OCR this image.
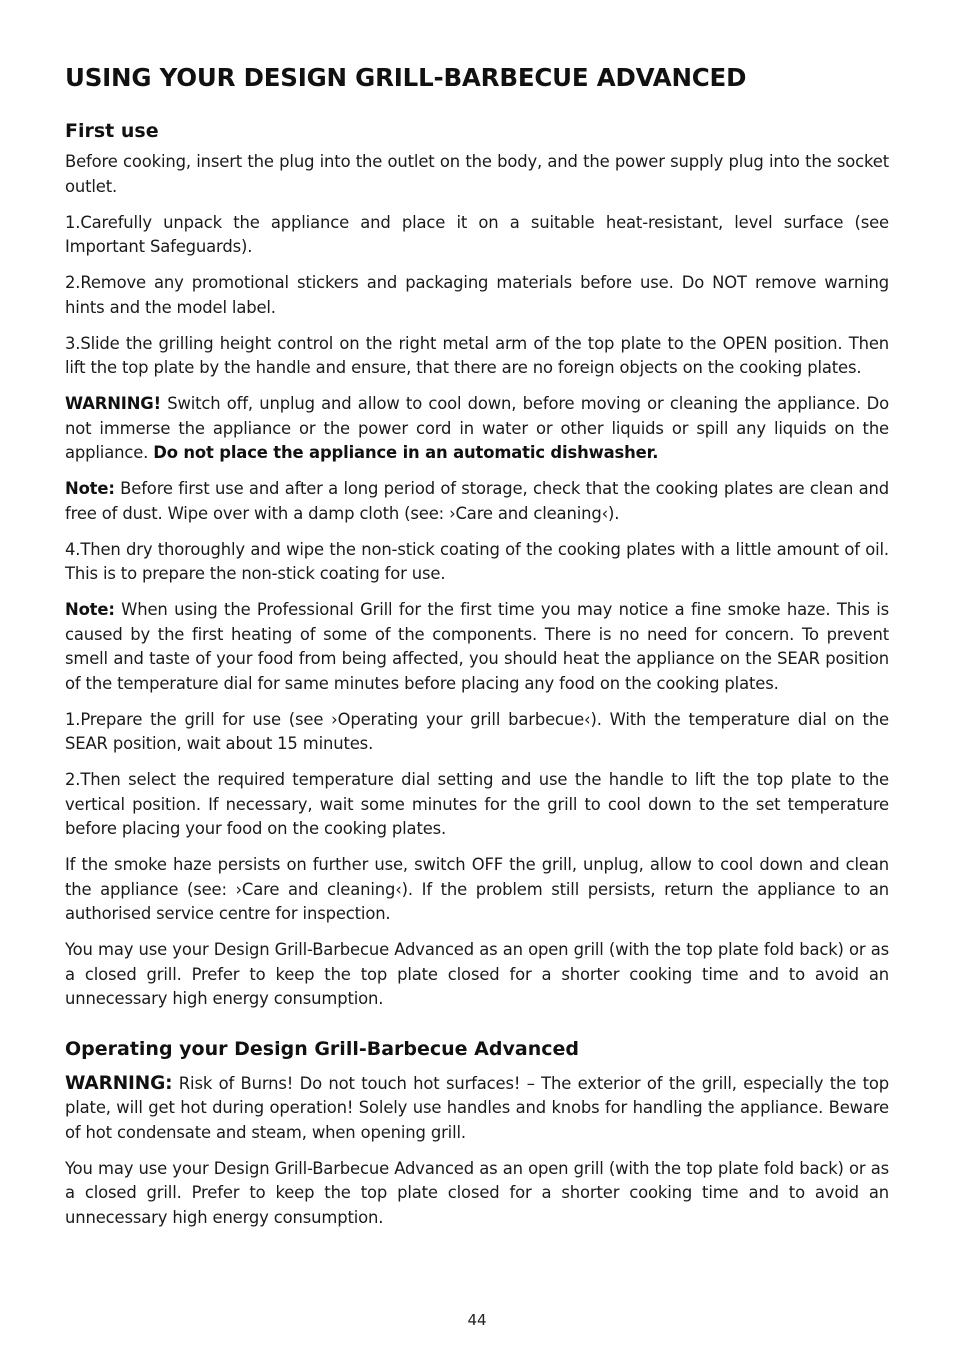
USING YOUR DESIGN GRILL-BARBECUE ADVANCED
First use

Before cooking, insert the plug into the outlet on the body, and the power supply plug into the socket outlet.

1.Carefully unpack the appliance and place it on a suitable heat-resistant, level surface (see Important Safeguards).

2.Remove any promotional stickers and packaging materials before use. Do NOT remove warning hints and the model label.

3.Slide the grilling height control on the right metal arm of the top plate to the OPEN position. Then lift the top plate by the handle and ensure, that there are no foreign objects on the cooking plates.

WARNING! Switch off, unplug and allow to cool down, before moving or cleaning the appliance. Do not immerse the appliance or the power cord in water or other liquids or spill any liquids on the appliance. Do not place the appliance in an automatic dishwasher.

Note: Before first use and after a long period of storage, check that the cooking plates are clean and free of dust. Wipe over with a damp cloth (see: ›Care and cleaning‹).

4.Then dry thoroughly and wipe the non-stick coating of the cooking plates with a little amount of oil. This is to prepare the non-stick coating for use.

Note: When using the Professional Grill for the first time you may notice a fine smoke haze. This is caused by the first heating of some of the components. There is no need for concern. To prevent smell and taste of your food from being affected, you should heat the appliance on the SEAR position of the temperature dial for same minutes before placing any food on the cooking plates.

1.Prepare the grill for use (see ›Operating your grill barbecue‹). With the temperature dial on the SEAR position, wait about 15 minutes.

2.Then select the required temperature dial setting and use the handle to lift the top plate to the vertical position. If necessary, wait some minutes for the grill to cool down to the set temperature before placing your food on the cooking plates.

If the smoke haze persists on further use, switch OFF the grill, unplug, allow to cool down and clean the appliance (see: ›Care and cleaning‹). If the problem still persists, return the appliance to an authorised service centre for inspection.

You may use your Design Grill-Barbecue Advanced as an open grill (with the top plate fold back) or as a closed grill. Prefer to keep the top plate closed for a shorter cooking time and to avoid an unnecessary high energy consumption.

Operating your Design Grill-Barbecue Advanced

WARNING: Risk of Burns! Do not touch hot surfaces! – The exterior of the grill, especially the top plate, will get hot during operation! Solely use handles and knobs for handling the appliance. Beware of hot condensate and steam, when opening grill.

You may use your Design Grill-Barbecue Advanced as an open grill (with the top plate fold back) or as a closed grill. Prefer to keep the top plate closed for a shorter cooking time and to avoid an unnecessary high energy consumption.

44
